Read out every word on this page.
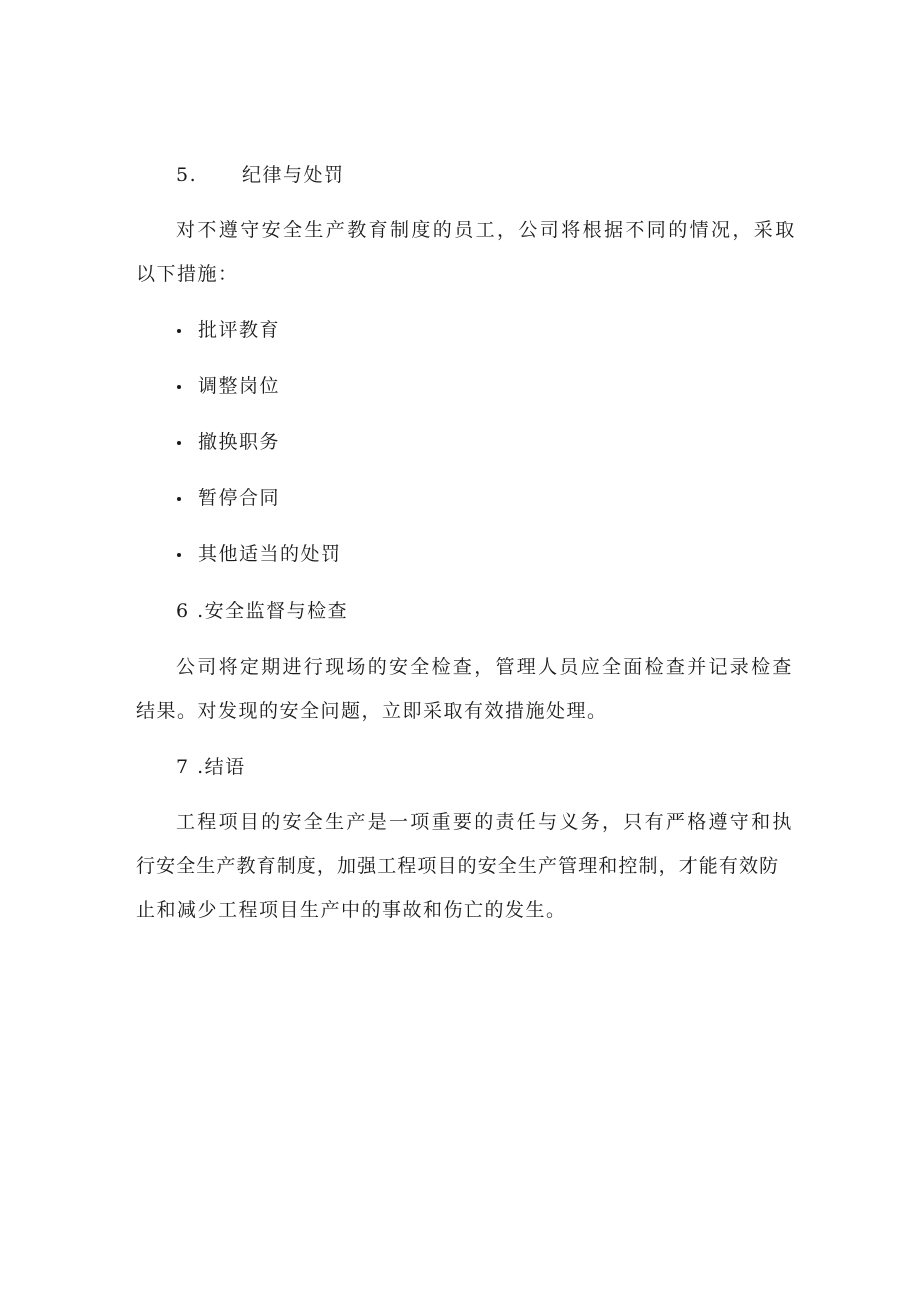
5. 纪律与处罚
对不遵守安全生产教育制度的员工，公司将根据不同的情况，采取
以下措施：
批评教育
调整岗位
撤换职务
暂停合同
其他适当的处罚
6 .安全监督与检查
公司将定期进行现场的安全检查，管理人员应全面检查并记录检查
结果。对发现的安全问题，立即采取有效措施处理。
7 .结语
工程项目的安全生产是一项重要的责任与义务，只有严格遵守和执
行安全生产教育制度，加强工程项目的安全生产管理和控制，才能有效防
止和减少工程项目生产中的事故和伤亡的发生。
